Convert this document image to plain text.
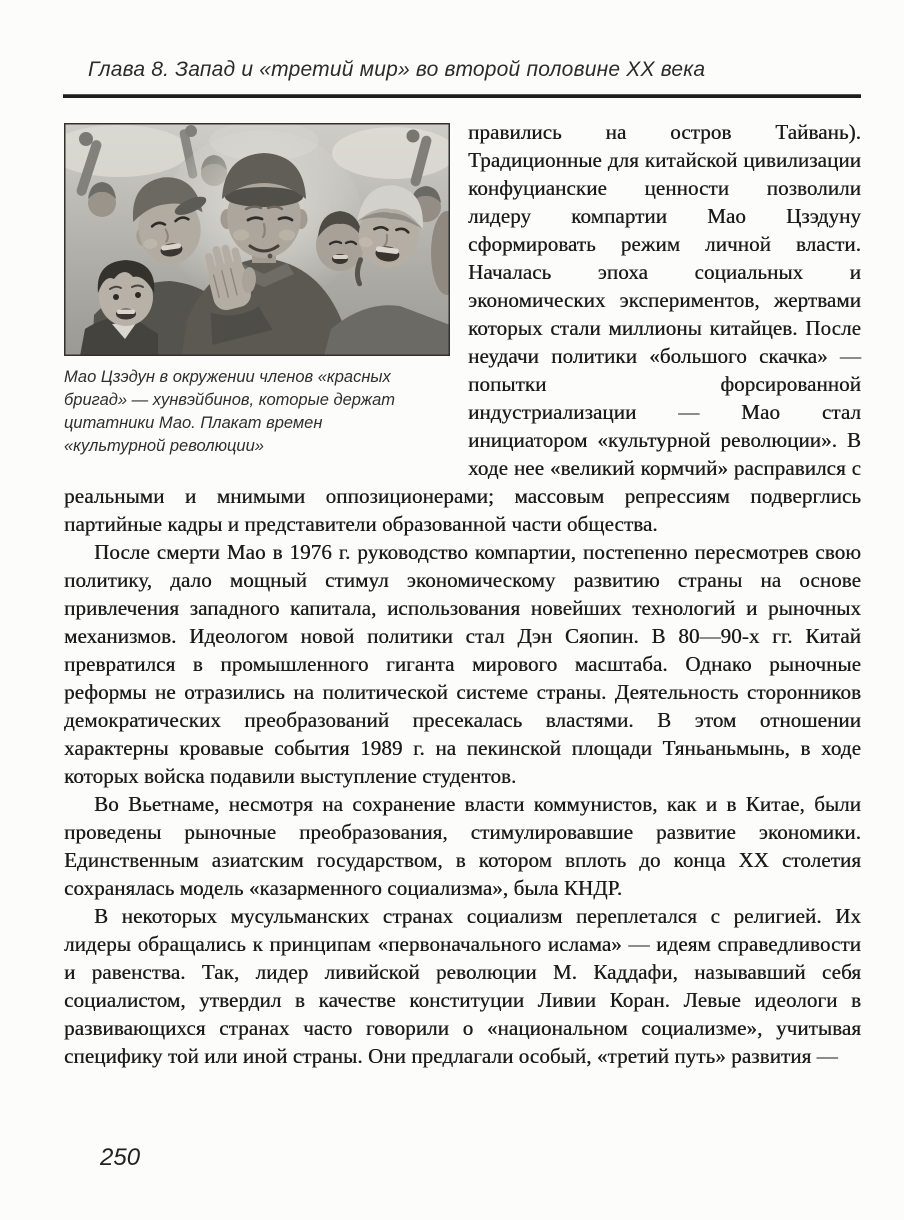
Глава 8. Запад и «третий мир» во второй половине XX века
Мао Цзэдун в окружении членов «красных бригад» — хунвэйбинов, которые держат цитатники Мао. Плакат времен «культурной революции»

правились на остров Тайвань). Традиционные для китайской цивилизации конфуцианские ценности позволили лидеру компартии Мао Цзэдуну сформировать режим личной власти. Началась эпоха социальных и экономических экспериментов, жертвами которых стали миллионы китайцев. После неудачи политики «большого скачка» — попытки форсированной индустриализации — Мао стал инициатором «культурной революции». В ходе нее «великий кормчий» расправился с реальными и мнимыми оппозиционерами; массовым репрессиям подверглись партийные кадры и представители образованной части общества.

После смерти Мао в 1976 г. руководство компартии, постепенно пересмотрев свою политику, дало мощный стимул экономическому развитию страны на основе привлечения западного капитала, использования новейших технологий и рыночных механизмов. Идеологом новой политики стал Дэн Сяопин. В 80—90-х гг. Китай превратился в промышленного гиганта мирового масштаба. Однако рыночные реформы не отразились на политической системе страны. Деятельность сторонников демократических преобразований пресекалась властями. В этом отношении характерны кровавые события 1989 г. на пекинской площади Тяньаньмынь, в ходе которых войска подавили выступление студентов.

Во Вьетнаме, несмотря на сохранение власти коммунистов, как и в Китае, были проведены рыночные преобразования, стимулировавшие развитие экономики. Единственным азиатским государством, в котором вплоть до конца XX столетия сохранялась модель «казарменного социализма», была КНДР.

В некоторых мусульманских странах социализм переплетался с религией. Их лидеры обращались к принципам «первоначального ислама» — идеям справедливости и равенства. Так, лидер ливийской революции М. Каддафи, называвший себя социалистом, утвердил в качестве конституции Ливии Коран. Левые идеологи в развивающихся странах часто говорили о «национальном социализме», учитывая специфику той или иной страны. Они предлагали особый, «третий путь» развития —

250
